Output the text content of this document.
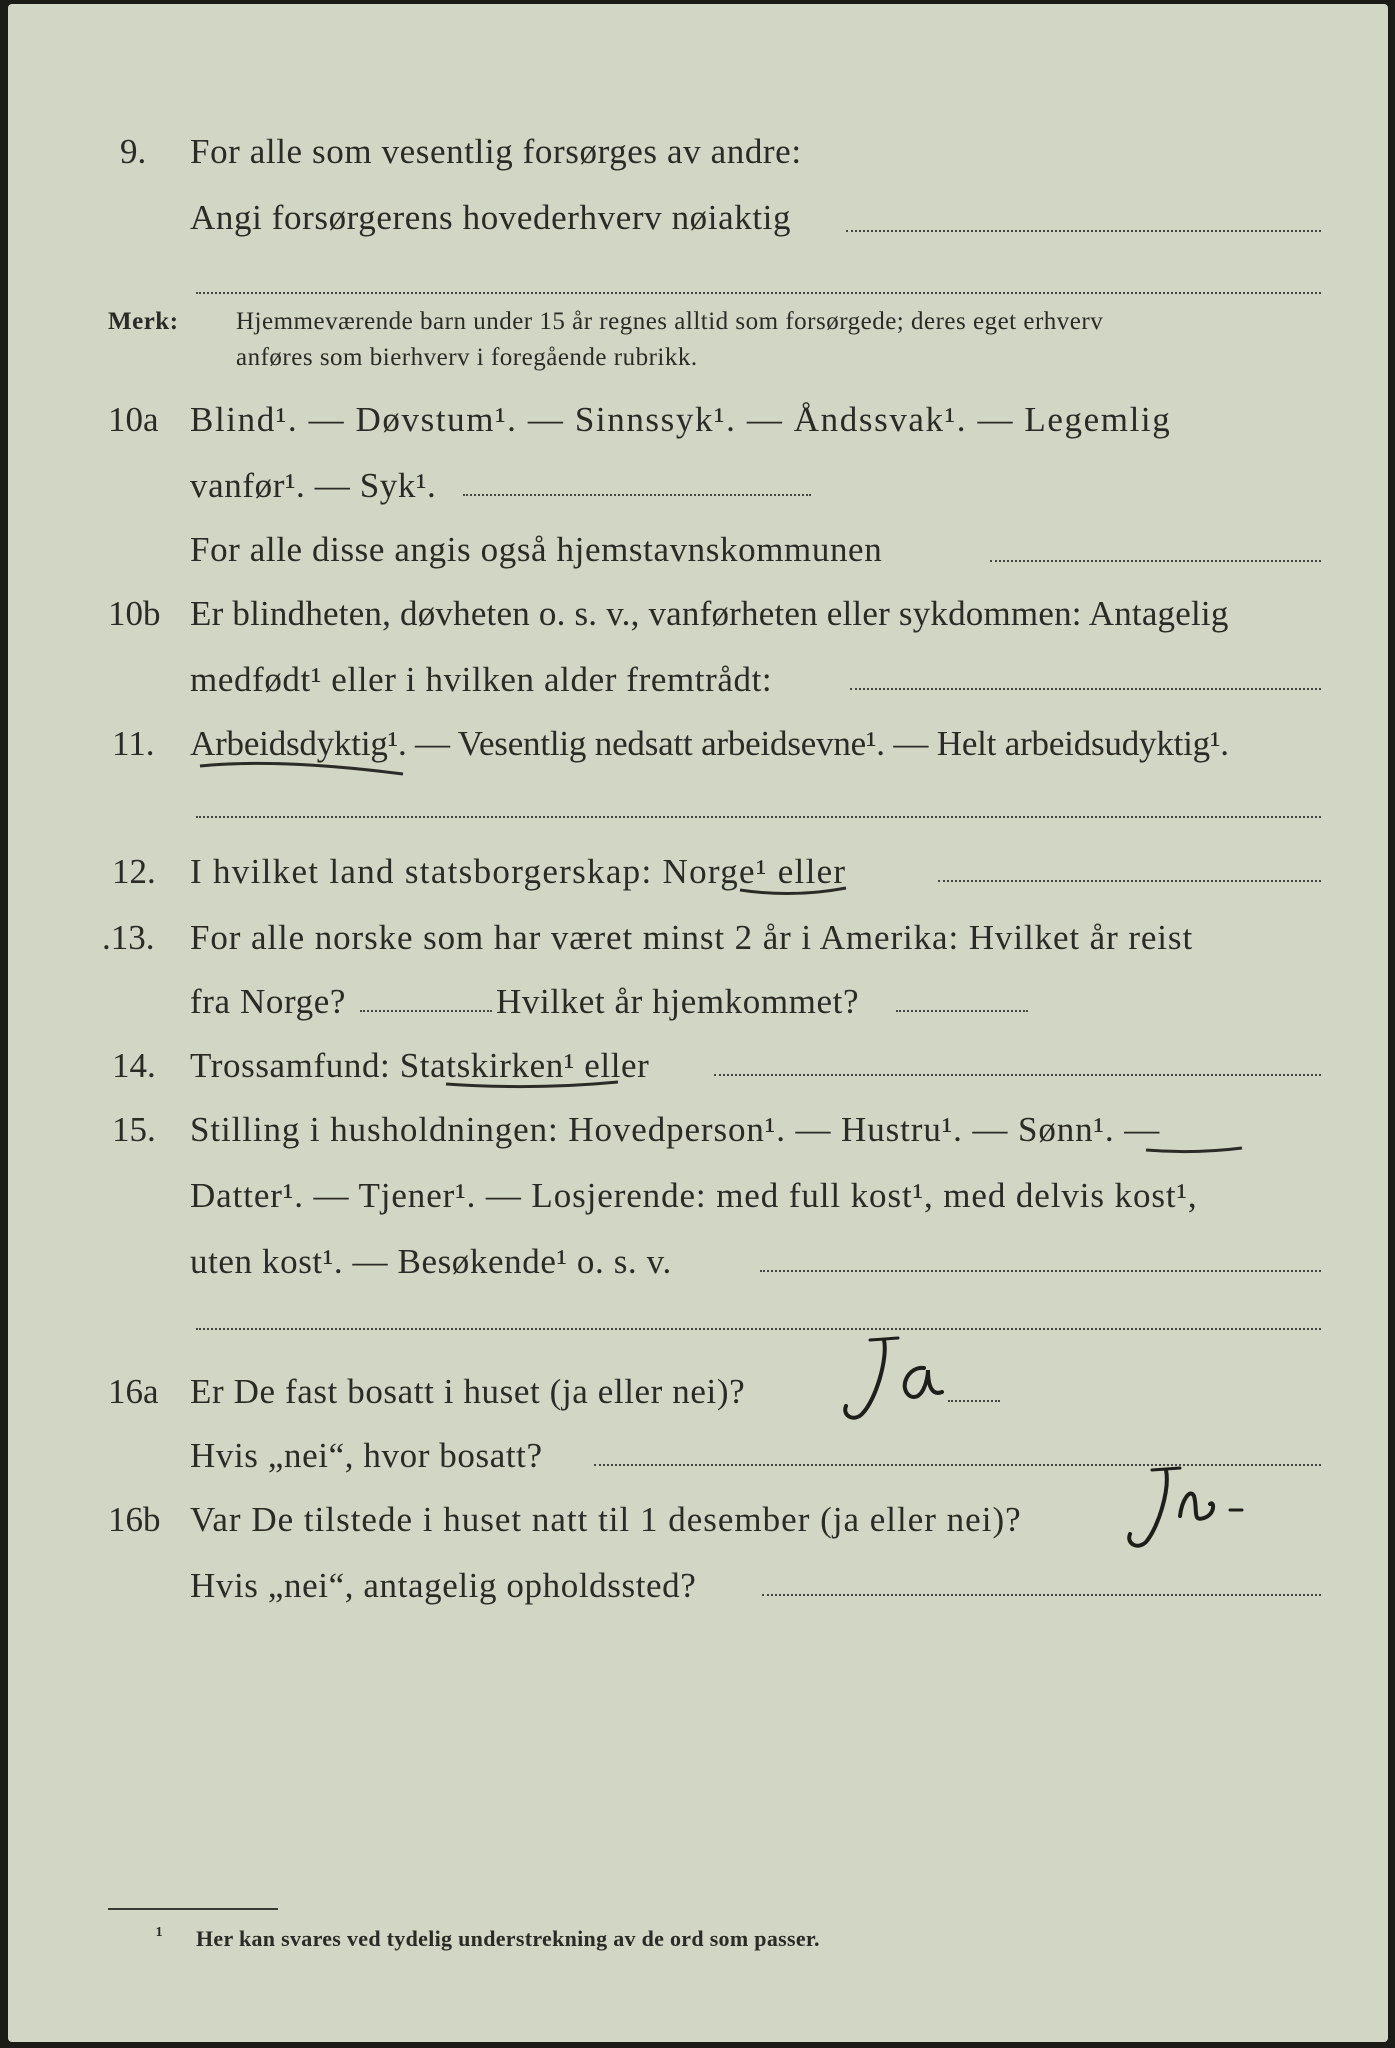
9. For alle som vesentlig forsørges av andre:
Angi forsørgerens hovederhverv nøiaktig
Merk: Hjemmeværende barn under 15 år regnes alltid som forsørgede; deres eget erhverv
anføres som bierhverv i foregående rubrikk.
10a Blind¹. — Døvstum¹. — Sinnssyk¹. — Åndssvak¹. — Legemlig
vanfør¹. — Syk¹.
For alle disse angis også hjemstavnskommunen
10b Er blindheten, døvheten o. s. v., vanførheten eller sykdommen: Antagelig
medfødt¹ eller i hvilken alder fremtrådt:
11. Arbeidsdyktig¹. — Vesentlig nedsatt arbeidsevne¹. — Helt arbeidsudyktig¹.
12. I hvilket land statsborgerskap: Norge¹ eller
.13. For alle norske som har været minst 2 år i Amerika: Hvilket år reist
fra Norge?	Hvilket år hjemkommet?
14. Trossamfund: Statskirken¹ eller
15. Stilling i husholdningen: Hovedperson¹. — Hustru¹. — Sønn¹. —
Datter¹. — Tjener¹. — Losjerende: med full kost¹, med delvis kost¹,
uten kost¹. — Besøkende¹ o. s. v.
16a Er De fast bosatt i huset (ja eller nei)?
Hvis „nei“, hvor bosatt?
16b Var De tilstede i huset natt til 1 desember (ja eller nei)?
Hvis „nei“, antagelig opholdssted?
¹ Her kan svares ved tydelig understrekning av de ord som passer.
